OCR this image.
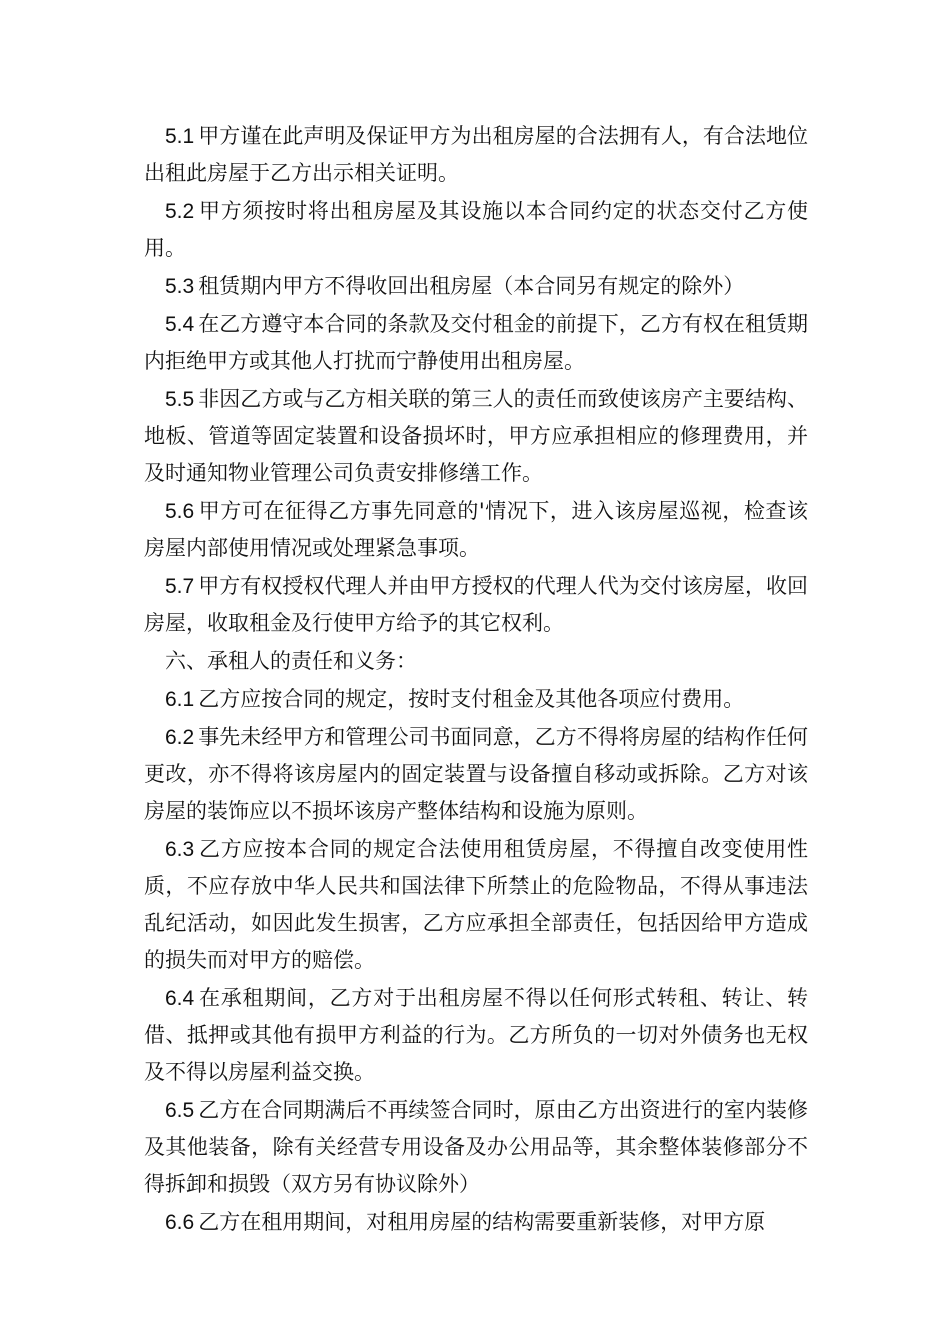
5.1 甲方谨在此声明及保证甲方为出租房屋的合法拥有人，有合法地位出租此房屋于乙方出示相关证明。

5.2 甲方须按时将出租房屋及其设施以本合同约定的状态交付乙方使用。

5.3 租赁期内甲方不得收回出租房屋（本合同另有规定的除外）

5.4 在乙方遵守本合同的条款及交付租金的前提下，乙方有权在租赁期内拒绝甲方或其他人打扰而宁静使用出租房屋。

5.5 非因乙方或与乙方相关联的第三人的责任而致使该房产主要结构、地板、管道等固定装置和设备损坏时，甲方应承担相应的修理费用，并及时通知物业管理公司负责安排修缮工作。

5.6 甲方可在征得乙方事先同意的'情况下，进入该房屋巡视，检查该房屋内部使用情况或处理紧急事项。

5.7 甲方有权授权代理人并由甲方授权的代理人代为交付该房屋，收回房屋，收取租金及行使甲方给予的其它权利。

六、承租人的责任和义务：

6.1 乙方应按合同的规定，按时支付租金及其他各项应付费用。

6.2 事先未经甲方和管理公司书面同意，乙方不得将房屋的结构作任何更改，亦不得将该房屋内的固定装置与设备擅自移动或拆除。乙方对该房屋的装饰应以不损坏该房产整体结构和设施为原则。

6.3 乙方应按本合同的规定合法使用租赁房屋，不得擅自改变使用性质，不应存放中华人民共和国法律下所禁止的危险物品，不得从事违法乱纪活动，如因此发生损害，乙方应承担全部责任，包括因给甲方造成的损失而对甲方的赔偿。

6.4 在承租期间，乙方对于出租房屋不得以任何形式转租、转让、转借、抵押或其他有损甲方利益的行为。乙方所负的一切对外债务也无权及不得以房屋利益交换。

6.5 乙方在合同期满后不再续签合同时，原由乙方出资进行的室内装修及其他装备，除有关经营专用设备及办公用品等，其余整体装修部分不得拆卸和损毁（双方另有协议除外）

6.6 乙方在租用期间，对租用房屋的结构需要重新装修，对甲方原
